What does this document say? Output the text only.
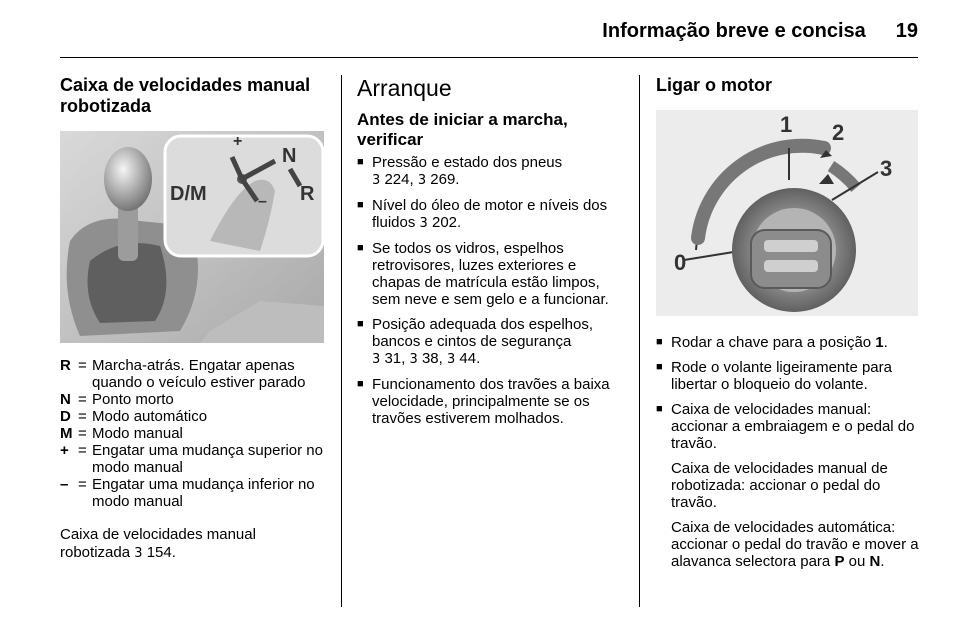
Informação breve e concisa 19
Caixa de velocidades manual robotizada
+
–
N
R
D/M
R = Marcha-atrás. Engatar apenas quando o veículo estiver parado
N = Ponto morto
D = Modo automático
M = Modo manual
+ = Engatar uma mudança superior no modo manual
– = Engatar uma mudança inferior no modo manual
Caixa de velocidades manual robotizada 3 154.
Arranque
Antes de iniciar a marcha, verificar
■ Pressão e estado dos pneus
3 224, 3 269.
■ Nível do óleo de motor e níveis dos fluidos 3 202.
■ Se todos os vidros, espelhos retrovisores, luzes exteriores e chapas de matrícula estão limpos, sem neve e sem gelo e a funcionar.
■ Posição adequada dos espelhos, bancos e cintos de segurança
3 31, 3 38, 3 44.
■ Funcionamento dos travões a baixa velocidade, principalmente se os travões estiverem molhados.
Ligar o motor
1 2
3
0
■ Rodar a chave para a posição 1.
■ Rode o volante ligeiramente para libertar o bloqueio do volante.
■ Caixa de velocidades manual: accionar a embraiagem e o pedal do travão.
Caixa de velocidades manual de robotizada: accionar o pedal do travão.
Caixa de velocidades automática: accionar o pedal do travão e mover a alavanca selectora para P ou N.
